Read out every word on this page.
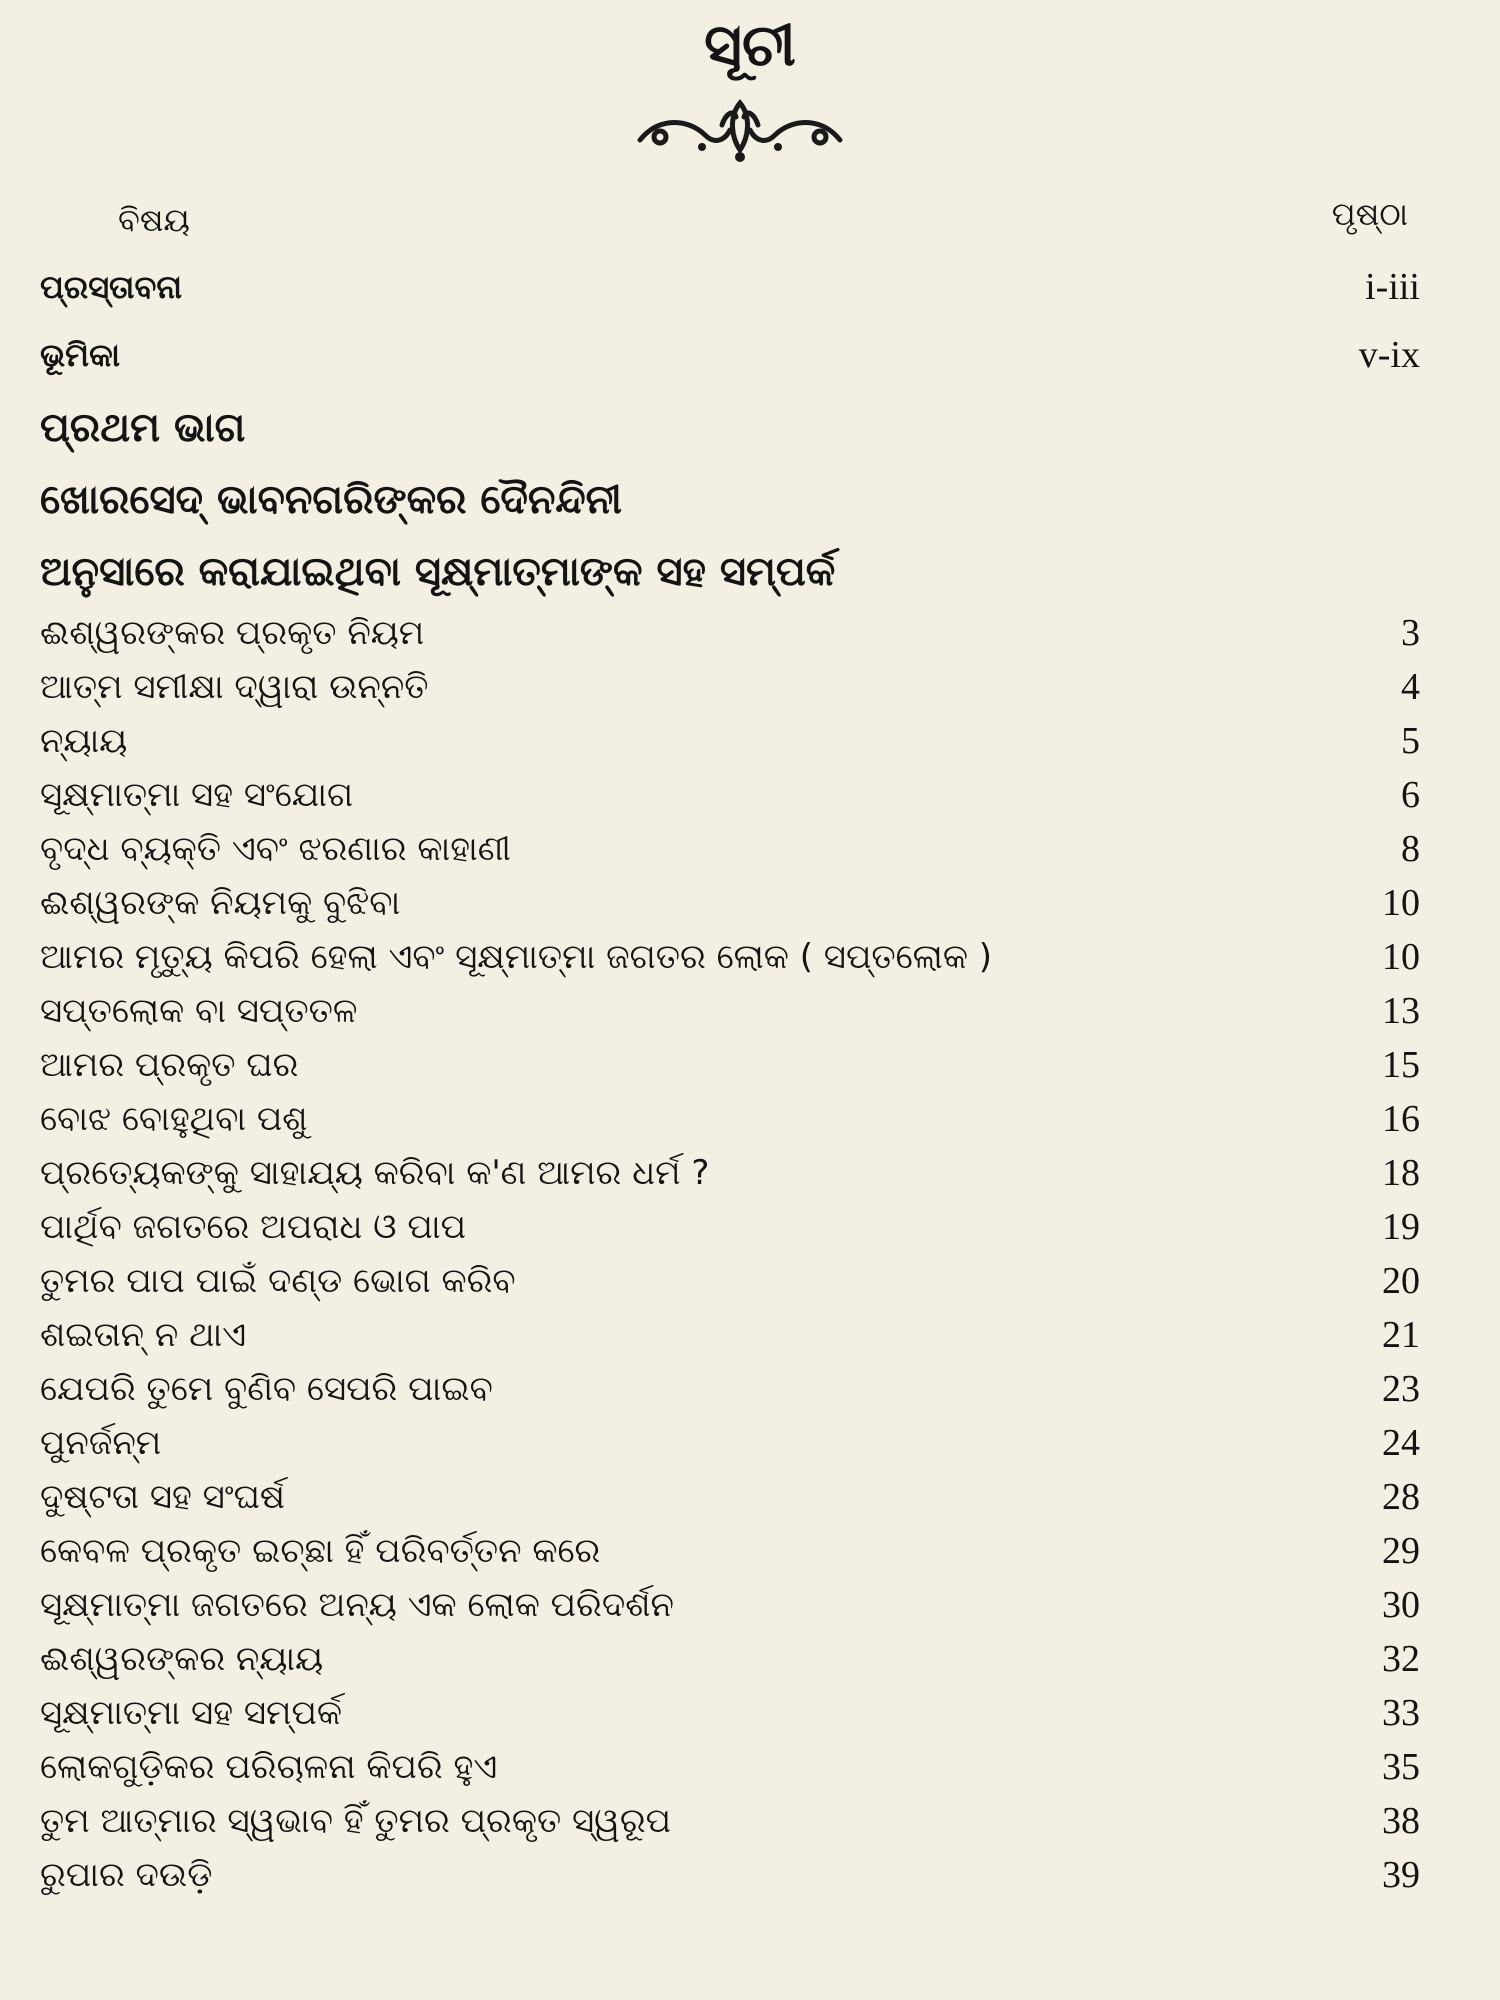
ସୂଚୀ
ବିଷୟ	ପୃଷ୍ଠା
ପ୍ରସ୍ତାବନା	i-iii
ଭୂମିକା	v-ix
ପ୍ରଥମ ଭାଗ
ଖୋରସେଦ୍ ଭାବନଗରିଙ୍କର ଦୈନନ୍ଦିନୀ
ଅନୁସାରେ କରାଯାଇଥିବା ସୂକ୍ଷ୍ମାତ୍ମାଙ୍କ ସହ ସମ୍ପର୍କ
ଈଶ୍ୱରଙ୍କର ପ୍ରକୃତ ନିୟମ	3
ଆତ୍ମ ସମୀକ୍ଷା ଦ୍ୱାରା ଉନ୍ନତି	4
ନ୍ୟାୟ	5
ସୂକ୍ଷ୍ମାତ୍ମା ସହ ସଂଯୋଗ	6
ବୃଦ୍ଧ ବ୍ୟକ୍ତି ଏବଂ ଝରଣାର କାହାଣୀ	8
ଈଶ୍ୱରଙ୍କ ନିୟମକୁ ବୁଝିବା	10
ଆମର ମୃତ୍ୟୁ କିପରି ହେଲା ଏବଂ ସୂକ୍ଷ୍ମାତ୍ମା ଜଗତର ଲୋକ ( ସପ୍ତଲୋକ )	10
ସପ୍ତଲୋକ ବା ସପ୍ତତଳ	13
ଆମର ପ୍ରକୃତ ଘର	15
ବୋଝ ବୋହୁଥିବା ପଶୁ	16
ପ୍ରତ୍ୟେକଙ୍କୁ ସାହାଯ୍ୟ କରିବା କ'ଣ ଆମର ଧର୍ମ ?	18
ପାର୍ଥିବ ଜଗତରେ ଅପରାଧ ଓ ପାପ	19
ତୁମର ପାପ ପାଇଁ ଦଣ୍ଡ ଭୋଗ କରିବ	20
ଶଇତାନ୍ ନ ଥାଏ	21
ଯେପରି ତୁମେ ବୁଣିବ ସେପରି ପାଇବ	23
ପୁନର୍ଜନ୍ମ	24
ଦୁଷ୍ଟତା ସହ ସଂଘର୍ଷ	28
କେବଳ ପ୍ରକୃତ ଇଚ୍ଛା ହିଁ ପରିବର୍ତ୍ତନ କରେ	29
ସୂକ୍ଷ୍ମାତ୍ମା ଜଗତରେ ଅନ୍ୟ ଏକ ଲୋକ ପରିଦର୍ଶନ	30
ଈଶ୍ୱରଙ୍କର ନ୍ୟାୟ	32
ସୂକ୍ଷ୍ମାତ୍ମା ସହ ସମ୍ପର୍କ	33
ଲୋକଗୁଡ଼ିକର ପରିଚାଳନା କିପରି ହୁଏ	35
ତୁମ ଆତ୍ମାର ସ୍ୱଭାବ ହିଁ ତୁମର ପ୍ରକୃତ ସ୍ୱରୂପ	38
ରୁପାର ଦଉଡ଼ି	39
